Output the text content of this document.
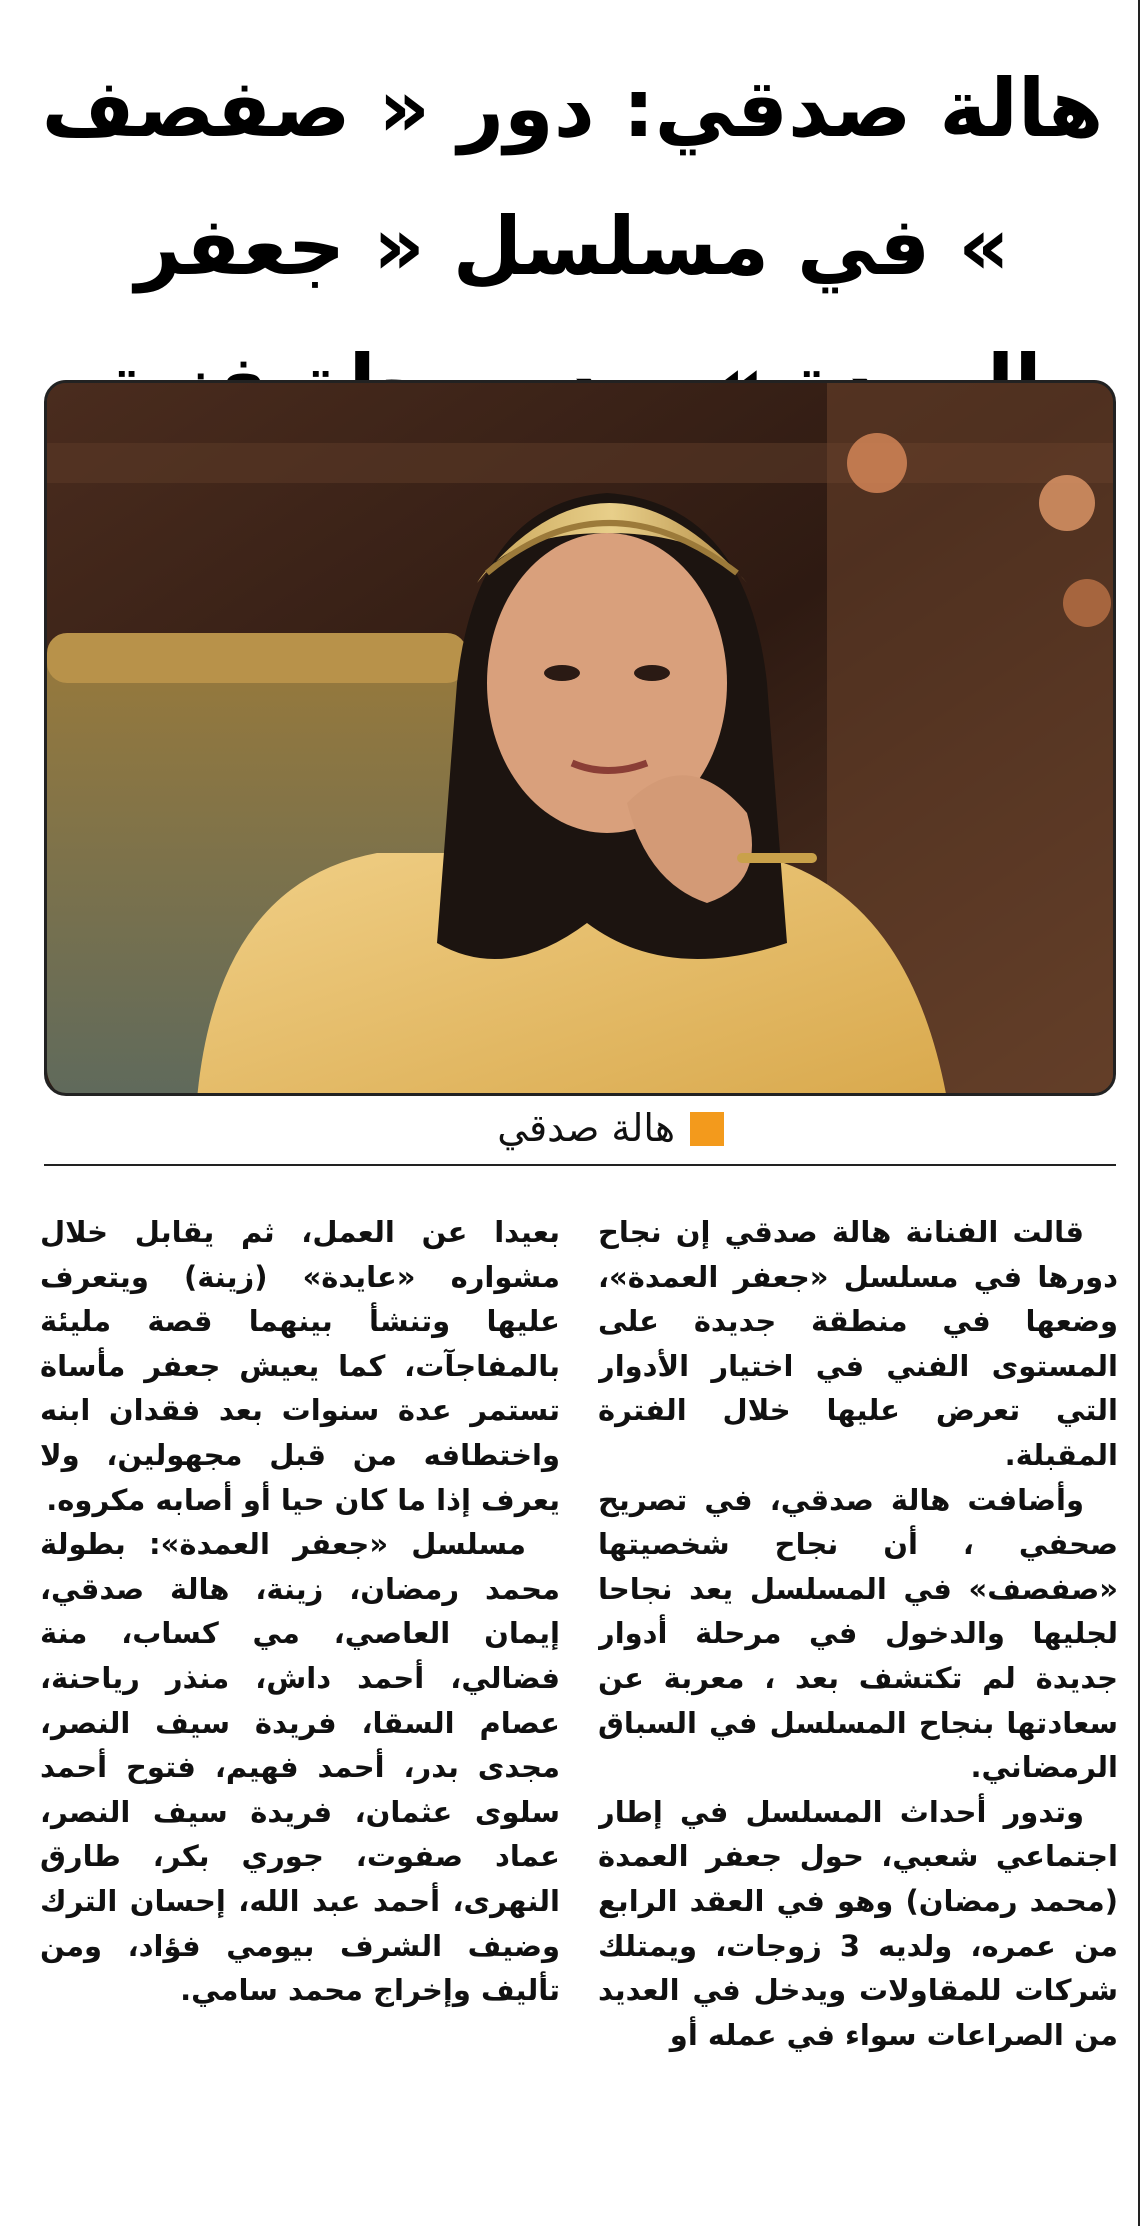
هالة صدقي: دور « صفصف » في مسلسل « جعفر
هالة صدقي

قالت الفنانة هالة صدقي إن نجاح دورها في مسلسل «جعفر العمدة»، وضعها في منطقة جديدة على المستوى الفني في اختيار الأدوار التي تعرض عليها خلال الفترة المقبلة.

وأضافت هالة صدقي، في تصريح صحفي ، أن نجاح شخصيتها «صفصف» في المسلسل يعد نجاحا لجليها والدخول في مرحلة أدوار جديدة لم تكتشف بعد ، معربة عن سعادتها بنجاح المسلسل في السباق الرمضاني.

وتدور أحداث المسلسل في إطار اجتماعي شعبي، حول جعفر العمدة (محمد رمضان) وهو في العقد الرابع من عمره، ولديه 3 زوجات، ويمتلك شركات للمقاولات ويدخل في العديد من الصراعات سواء في عمله أو

بعيدا عن العمل، ثم يقابل خلال مشواره «عايدة» (زينة) ويتعرف عليها وتنشأ بينهما قصة مليئة بالمفاجآت، كما يعيش جعفر مأساة تستمر عدة سنوات بعد فقدان ابنه واختطافه من قبل مجهولين، ولا يعرف إذا ما كان حيا أو أصابه مكروه.

مسلسل «جعفر العمدة»: بطولة محمد رمضان، زينة، هالة صدقي، إيمان العاصي، مي كساب، منة فضالي، أحمد داش، منذر رياحنة، عصام السقا، فريدة سيف النصر، مجدى بدر، أحمد فهيم، فتوح أحمد سلوى عثمان، فريدة سيف النصر، عماد صفوت، جوري بكر، طارق النهرى، أحمد عبد الله، إحسان الترك وضيف الشرف بيومي فؤاد، ومن تأليف وإخراج محمد سامي.
